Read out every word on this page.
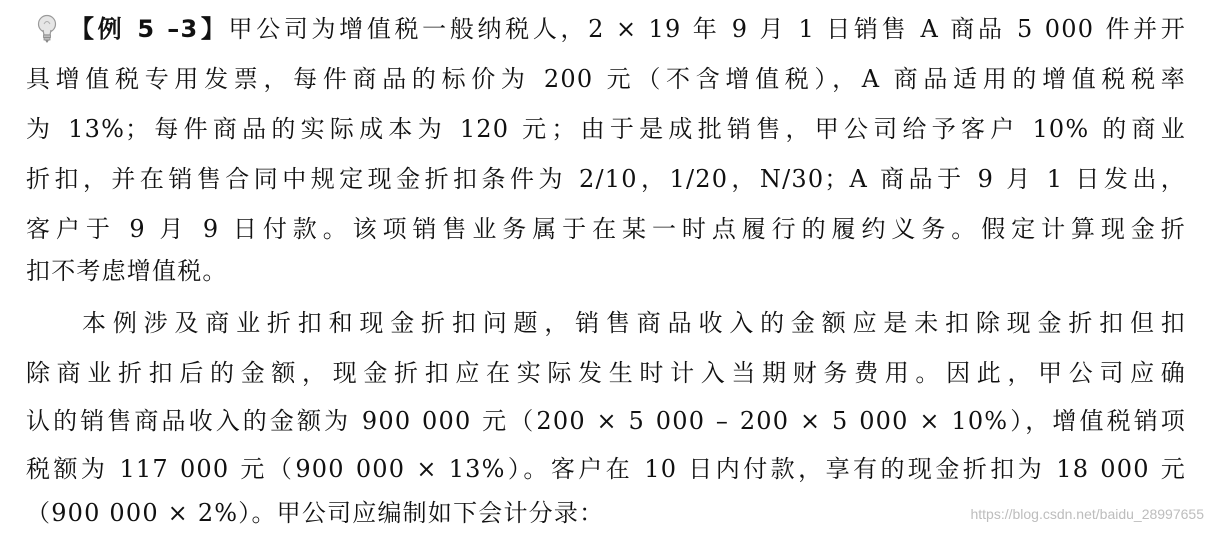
【例 5 –3】甲公司为增值税一般纳税人，2 × 19 年 9 月 1 日销售 A 商品 5 000 件并开
具增值税专用发票，每件商品的标价为 200 元（不含增值税），A 商品适用的增值税税率
为 13%；每件商品的实际成本为 120 元；由于是成批销售，甲公司给予客户 10% 的商业
折扣，并在销售合同中规定现金折扣条件为 2/10，1/20，N/30；A 商品于 9 月 1 日发出，
客户于 9 月 9 日付款。该项销售业务属于在某一时点履行的履约义务。假定计算现金折
扣不考虑增值税。
本例涉及商业折扣和现金折扣问题，销售商品收入的金额应是未扣除现金折扣但扣
除商业折扣后的金额，现金折扣应在实际发生时计入当期财务费用。因此，甲公司应确
认的销售商品收入的金额为 900 000 元（200 × 5 000 – 200 × 5 000 × 10%），增值税销项
税额为 117 000 元（900 000 × 13%）。客户在 10 日内付款，享有的现金折扣为 18 000 元
（900 000 × 2%）。甲公司应编制如下会计分录：	https://blog.csdn.net/baidu_28997655
